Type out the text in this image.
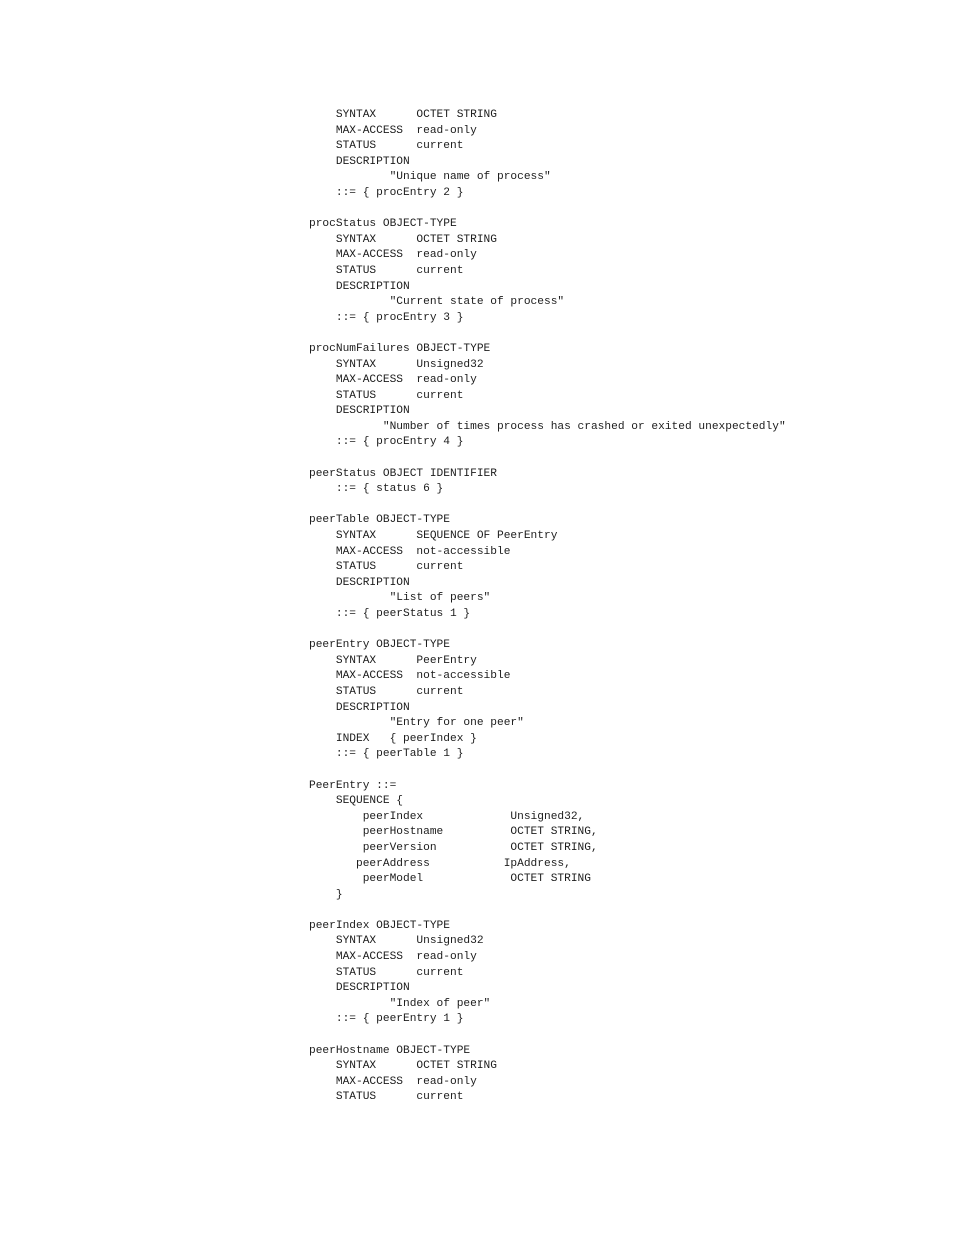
SYNTAX      OCTET STRING
MAX-ACCESS  read-only
STATUS      current
DESCRIPTION
"Unique name of process"
::= { procEntry 2 }

procStatus OBJECT-TYPE
SYNTAX      OCTET STRING
MAX-ACCESS  read-only
STATUS      current
DESCRIPTION
"Current state of process"
::= { procEntry 3 }

procNumFailures OBJECT-TYPE
SYNTAX      Unsigned32
MAX-ACCESS  read-only
STATUS      current
DESCRIPTION
"Number of times process has crashed or exited unexpectedly"
::= { procEntry 4 }

peerStatus OBJECT IDENTIFIER
::= { status 6 }

peerTable OBJECT-TYPE
SYNTAX      SEQUENCE OF PeerEntry
MAX-ACCESS  not-accessible
STATUS      current
DESCRIPTION
"List of peers"
::= { peerStatus 1 }

peerEntry OBJECT-TYPE
SYNTAX      PeerEntry
MAX-ACCESS  not-accessible
STATUS      current
DESCRIPTION
"Entry for one peer"
INDEX   { peerIndex }
::= { peerTable 1 }

PeerEntry ::=
SEQUENCE {
peerIndex             Unsigned32,
peerHostname          OCTET STRING,
peerVersion           OCTET STRING,
peerAddress           IpAddress,
peerModel             OCTET STRING
}

peerIndex OBJECT-TYPE
SYNTAX      Unsigned32
MAX-ACCESS  read-only
STATUS      current
DESCRIPTION
"Index of peer"
::= { peerEntry 1 }

peerHostname OBJECT-TYPE
SYNTAX      OCTET STRING
MAX-ACCESS  read-only
STATUS      current
